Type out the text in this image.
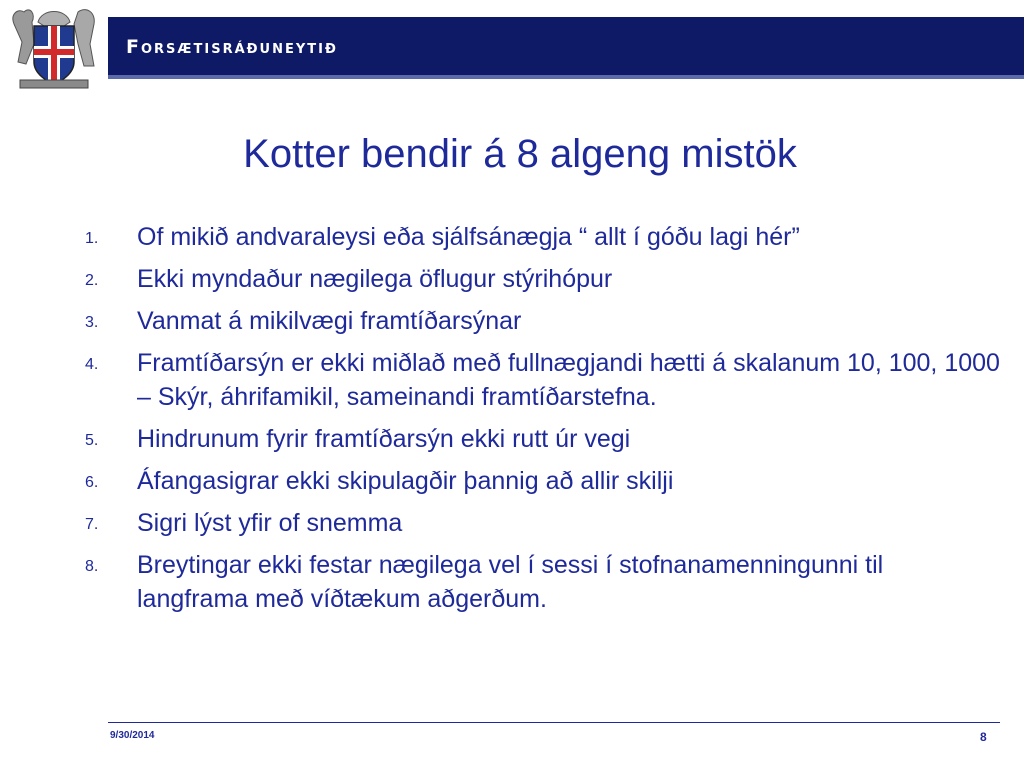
Forsætisráðuneytið
Kotter bendir á 8 algeng mistök
1.	Of mikið andvaraleysi eða sjálfsánægja “ allt í góðu lagi hér”
2.	Ekki myndaður nægilega öflugur stýrihópur
3.	Vanmat á mikilvægi framtíðarsýnar
4.	Framtíðarsýn er ekki miðlað með fullnægjandi hætti á skalanum 10, 100, 1000 – Skýr, áhrifamikil, sameinandi framtíðarstefna.
5.	Hindrunum fyrir framtíðarsýn ekki rutt úr vegi
6.	Áfangasigrar ekki skipulagðir þannig að allir skilji
7.	Sigri lýst yfir of snemma
8.	Breytingar ekki festar nægilega vel í sessi í stofnanamenningunni til langframa með víðtækum aðgerðum.
9/30/2014	8
